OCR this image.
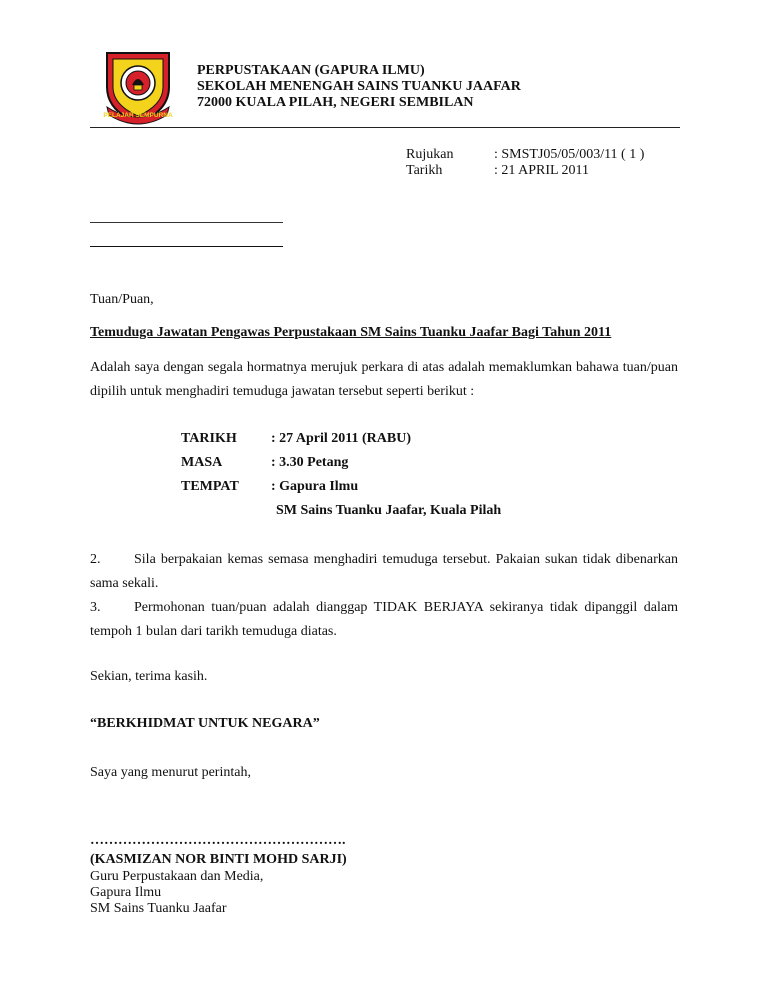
PELAJAR SEMPURNA
PERPUSTAKAAN (GAPURA ILMU)
SEKOLAH MENENGAH SAINS TUANKU JAAFAR
72000 KUALA PILAH, NEGERI SEMBILAN
Rujukan	: SMSTJ05/05/003/11 ( 1 )
Tarikh	: 21 APRIL 2011
Tuan/Puan,
Temuduga Jawatan Pengawas Perpustakaan SM Sains Tuanku Jaafar Bagi Tahun 2011
Adalah saya dengan segala hormatnya merujuk perkara di atas adalah memaklumkan bahawa tuan/puan dipilih untuk menghadiri temuduga jawatan tersebut seperti berikut :
TARIKH : 27 April 2011 (RABU)
MASA	: 3.30 Petang
TEMPAT : Gapura Ilmu
SM Sains Tuanku Jaafar, Kuala Pilah
2. Sila berpakaian kemas semasa menghadiri temuduga tersebut. Pakaian sukan tidak dibenarkan sama sekali.
3. Permohonan tuan/puan adalah dianggap TIDAK BERJAYA sekiranya tidak dipanggil dalam tempoh 1 bulan dari tarikh temuduga diatas.
Sekian, terima kasih.
“BERKHIDMAT UNTUK NEGARA”
Saya yang menurut perintah,
……………………………………………….
(KASMIZAN NOR BINTI MOHD SARJI)
Guru Perpustakaan dan Media,
Gapura Ilmu
SM Sains Tuanku Jaafar
